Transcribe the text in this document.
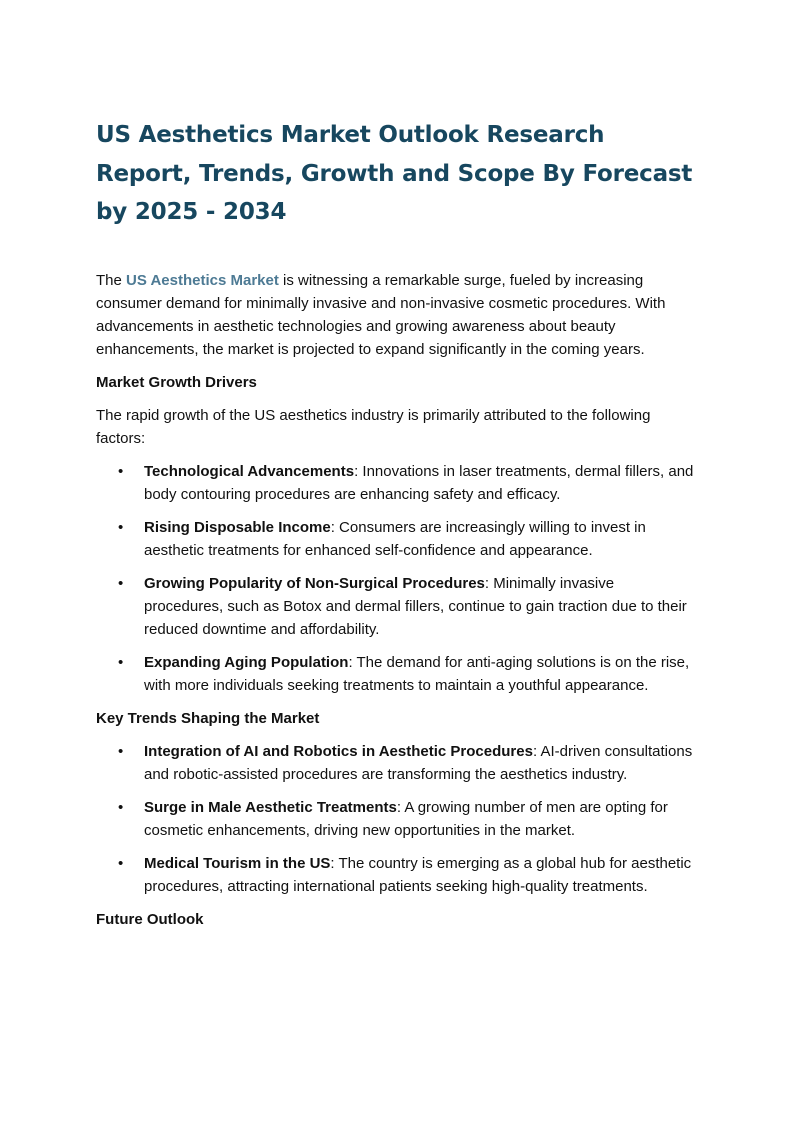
US Aesthetics Market Outlook Research Report, Trends, Growth and Scope By Forecast by 2025 - 2034

The US Aesthetics Market is witnessing a remarkable surge, fueled by increasing consumer demand for minimally invasive and non-invasive cosmetic procedures. With advancements in aesthetic technologies and growing awareness about beauty enhancements, the market is projected to expand significantly in the coming years.

Market Growth Drivers

The rapid growth of the US aesthetics industry is primarily attributed to the following factors:

• Technological Advancements: Innovations in laser treatments, dermal fillers, and body contouring procedures are enhancing safety and efficacy.
• Rising Disposable Income: Consumers are increasingly willing to invest in aesthetic treatments for enhanced self-confidence and appearance.
• Growing Popularity of Non-Surgical Procedures: Minimally invasive procedures, such as Botox and dermal fillers, continue to gain traction due to their reduced downtime and affordability.
• Expanding Aging Population: The demand for anti-aging solutions is on the rise, with more individuals seeking treatments to maintain a youthful appearance.
Key Trends Shaping the Market
• Integration of AI and Robotics in Aesthetic Procedures: AI-driven consultations and robotic-assisted procedures are transforming the aesthetics industry.
• Surge in Male Aesthetic Treatments: A growing number of men are opting for cosmetic enhancements, driving new opportunities in the market.
• Medical Tourism in the US: The country is emerging as a global hub for aesthetic procedures, attracting international patients seeking high-quality treatments.
Future Outlook
